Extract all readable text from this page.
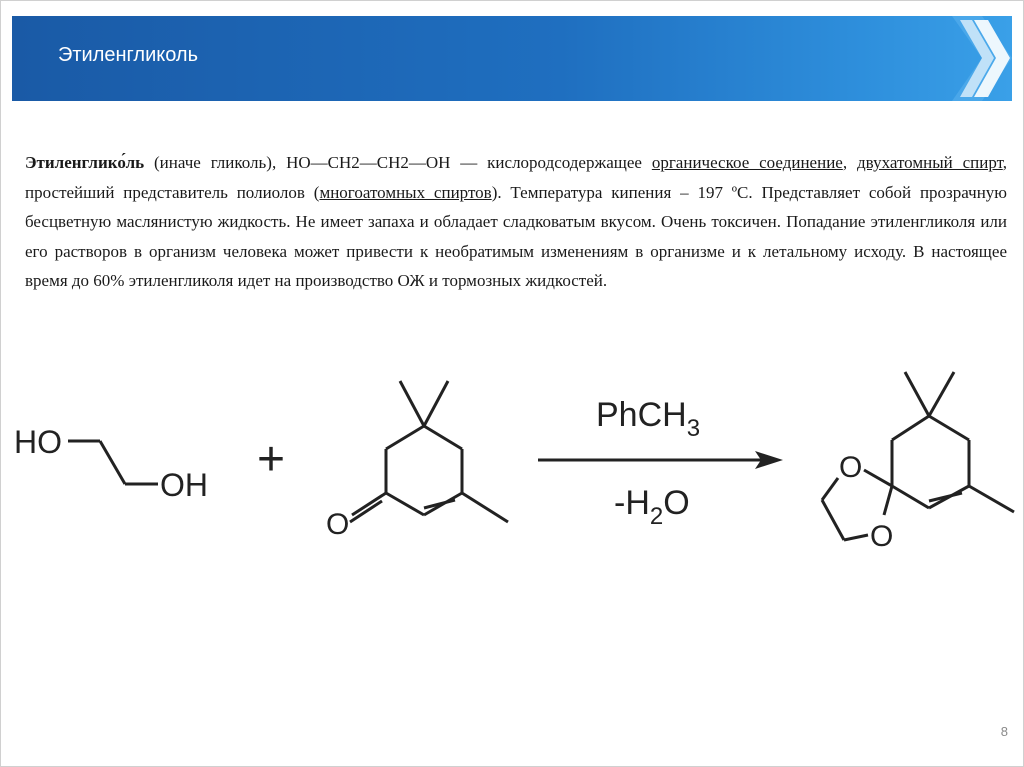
Этиленгликоль
Этиленглико́ль (иначе гликоль), HO—CH2—CH2—OH — кислородсодержащее органическое соединение, двухатомный спирт, простейший представитель полиолов (многоатомных спиртов). Температура кипения – 197 ºC. Представляет собой прозрачную бесцветную маслянистую жидкость. Не имеет запаха и обладает сладковатым вкусом. Очень токсичен. Попадание этиленгликоля или его растворов в организм человека может привести к необратимым изменениям в организме и к летальному исходу. В настоящее время до 60% этиленгликоля идет на производство ОЖ и тормозных жидкостей.
HO
OH +
O
PhCH$_3$
$-H_2O$
O
O
8
